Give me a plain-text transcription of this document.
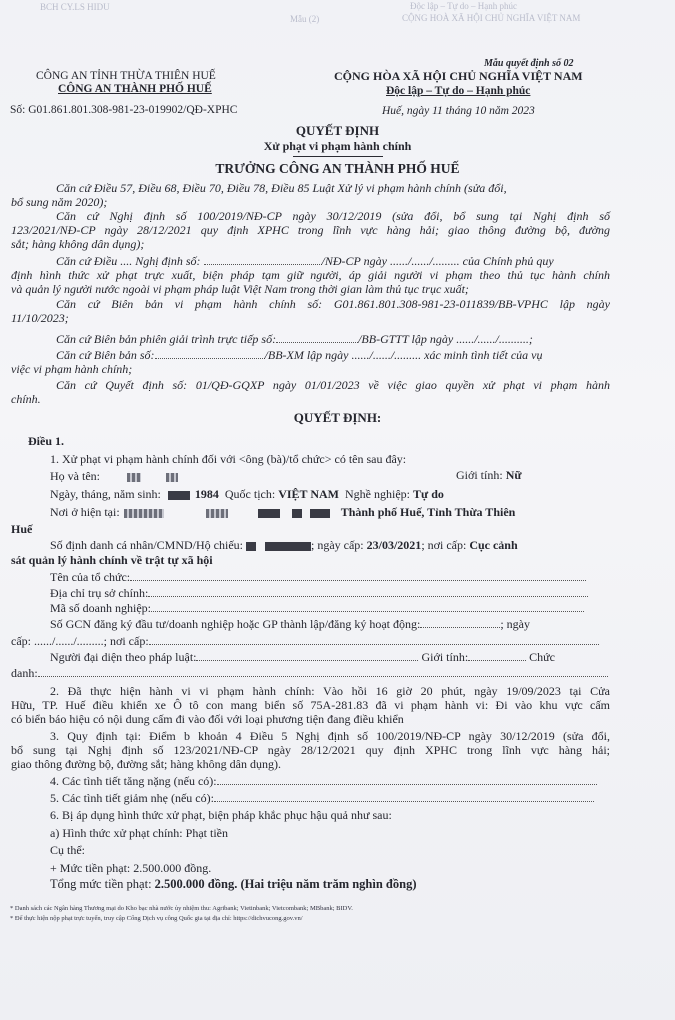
BCH CY.LS HIDU
Mẫu (2)
Độc lập – Tự do – Hạnh phúc
CỘNG HOÀ XÃ HỘI CHỦ NGHĨA VIỆT NAM
Mẫu quyết định số 02
CÔNG AN TỈNH THỪA THIÊN HUẾ
CÔNG AN THÀNH PHỐ HUẾ
CỘNG HÒA XÃ HỘI CHỦ NGHĨA VIỆT NAM
Độc lập – Tự do – Hạnh phúc
Số: G01.861.801.308-981-23-019902/QĐ-XPHC	Huế, ngày 11 tháng 10 năm 2023
QUYẾT ĐỊNH
Xử phạt vi phạm hành chính
TRƯỞNG CÔNG AN THÀNH PHỐ HUẾ
Căn cứ Điều 57, Điều 68, Điều 70, Điều 78, Điều 85 Luật Xử lý vi phạm hành chính (sửa đổi,
bổ sung năm 2020);
Căn cứ Nghị định số 100/2019/NĐ-CP ngày 30/12/2019 (sửa đổi, bổ sung tại Nghị định số
123/2021/NĐ-CP ngày 28/12/2021 quy định XPHC trong lĩnh vực hàng hải; giao thông đường bộ, đường
sắt; hàng không dân dụng);
Căn cứ Điều .... Nghị định số:	/NĐ-CP ngày ....../....../......... của Chính phủ quy
định hình thức xử phạt trực xuất, biện pháp tạm giữ người, áp giải người vi phạm theo thủ tục hành chính
và quản lý người nước ngoài vi phạm pháp luật Việt Nam trong thời gian làm thủ tục trục xuất;
Căn cứ Biên bản vi phạm hành chính số: G01.861.801.308-981-23-011839/BB-VPHC lập ngày
11/10/2023;
Căn cứ Biên bản phiên giải trình trực tiếp số:	/BB-GTTT lập ngày ....../....../..........;
Căn cứ Biên bản số:	/BB-XM lập ngày ....../....../......... xác minh tình tiết của vụ
việc vi phạm hành chính;
Căn cứ Quyết định số: 01/QĐ-GQXP ngày 01/01/2023 về việc giao quyền xử phạt vi phạm hành
chính.
QUYẾT ĐỊNH:
Điều 1.
1. Xử phạt vi phạm hành chính đối với <ông (bà)/tổ chức> có tên sau đây:
Họ và tên:	Giới tính: Nữ
Ngày, tháng, năm sinh:	1984 Quốc tịch: VIỆT NAM Nghề nghiệp: Tự do
Nơi ở hiện tại:	Thành phố Huế, Tỉnh Thừa Thiên
Huế
Số định danh cá nhân/CMND/Hộ chiếu:	; ngày cấp: 23/03/2021; nơi cấp: Cục cảnh
sát quản lý hành chính về trật tự xã hội
Tên của tổ chức:
Địa chỉ trụ sở chính:
Mã số doanh nghiệp:
Số GCN đăng ký đầu tư/doanh nghiệp hoặc GP thành lập/đăng ký hoạt động:	; ngày
cấp: ....../....../.........; nơi cấp:
Người đại diện theo pháp luật:	Giới tính:	Chức
danh:
2. Đã thực hiện hành vi vi phạm hành chính: Vào hồi 16 giờ 20 phút, ngày 19/09/2023 tại Cửa
Hữu, TP. Huế điều khiển xe Ô tô con mang biển số 75A-281.83 đã vi phạm hành vi: Đi vào khu vực cấm
có biển báo hiệu có nội dung cấm đi vào đối với loại phương tiện đang điều khiển
3. Quy định tại: Điểm b khoản 4 Điều 5 Nghị định số 100/2019/NĐ-CP ngày 30/12/2019 (sửa đổi,
bổ sung tại Nghị định số 123/2021/NĐ-CP ngày 28/12/2021 quy định XPHC trong lĩnh vực hàng hải;
giao thông đường bộ, đường sắt; hàng không dân dụng).
4. Các tình tiết tăng nặng (nếu có):
5. Các tình tiết giảm nhẹ (nếu có):
6. Bị áp dụng hình thức xử phạt, biện pháp khắc phục hậu quả như sau:
a) Hình thức xử phạt chính: Phạt tiền
Cụ thể:
+ Mức tiền phạt: 2.500.000 đồng.
Tổng mức tiền phạt: 2.500.000 đồng. (Hai triệu năm trăm nghìn đồng)
* Danh sách các Ngân hàng Thương mại do Kho bạc nhà nước ủy nhiệm thu: Agribank; Vietinbank; Vietcombank; MBbank; BIDV.
* Để thực hiện nộp phạt trực tuyến, truy cập Cổng Dịch vụ công Quốc gia tại địa chỉ: https://dichvucong.gov.vn/
